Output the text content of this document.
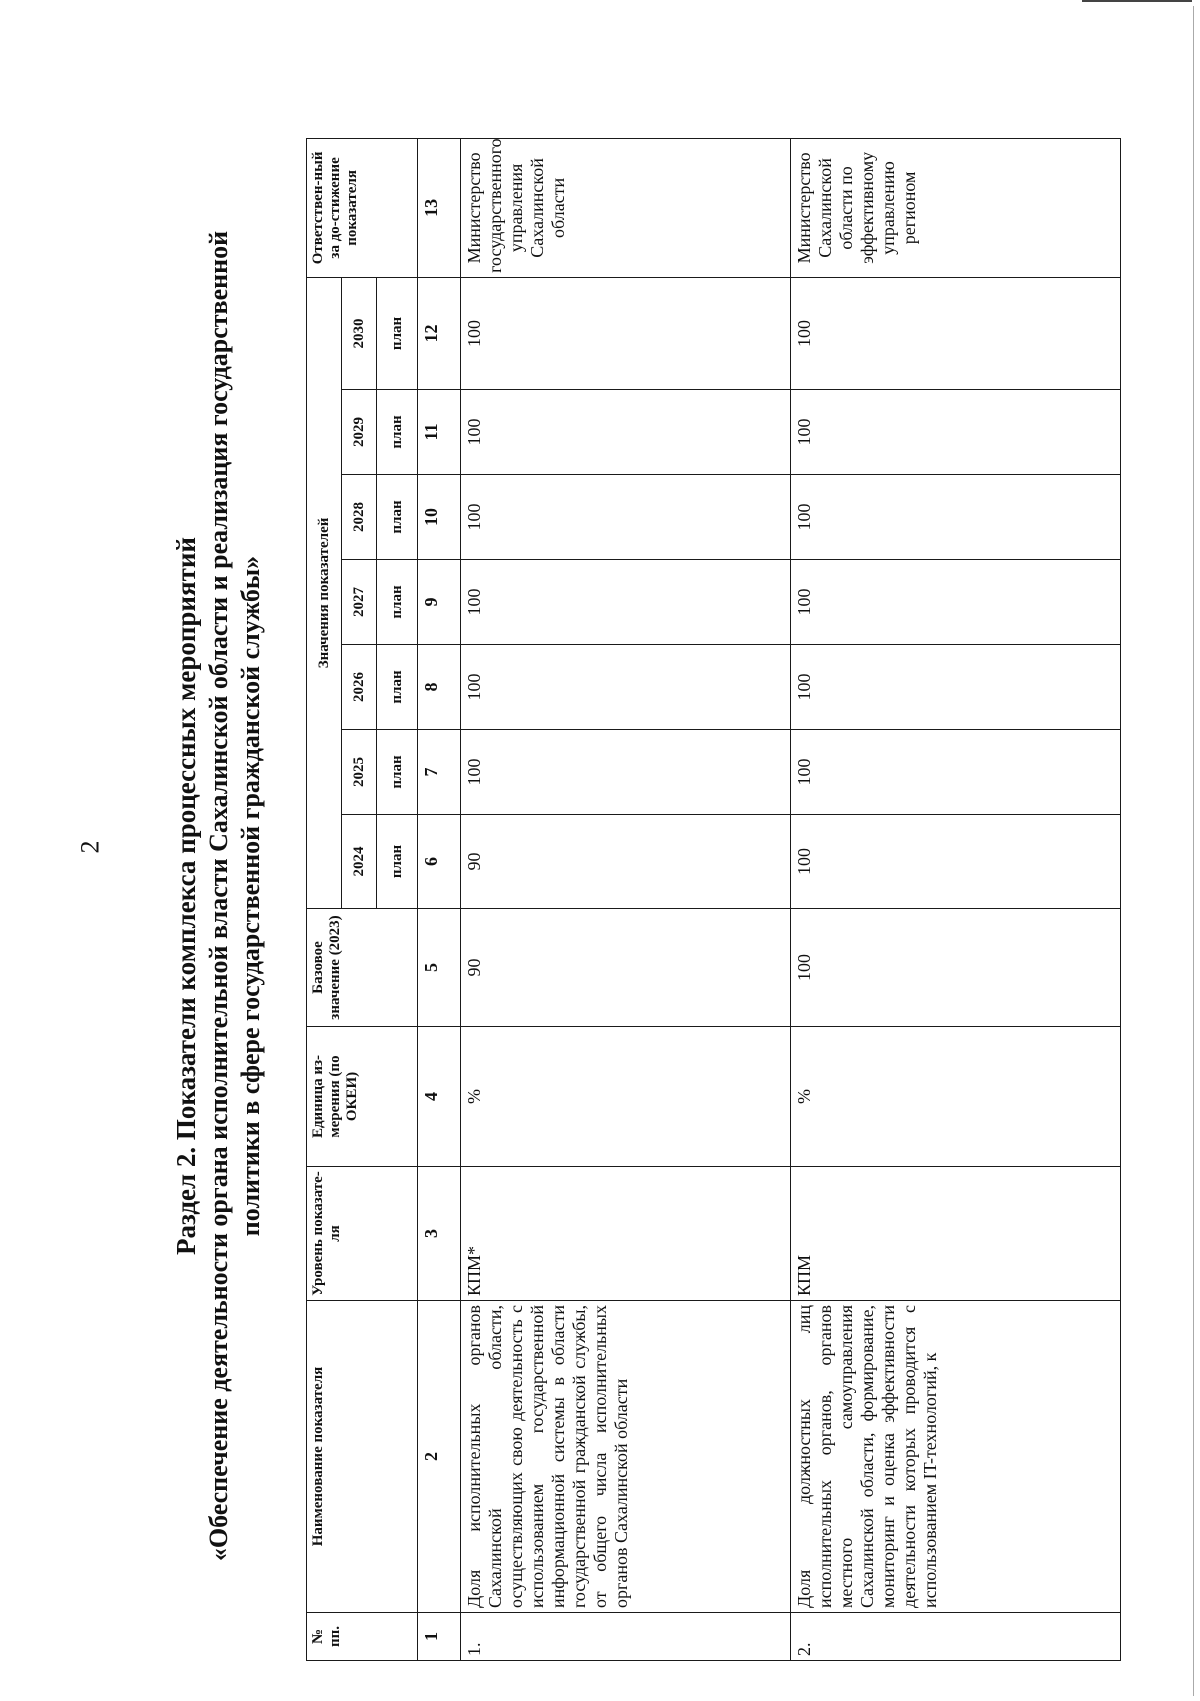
2 Раздел 2. Показатели комплекса процессных мероприятий «Обеспечение деятельности органа исполнительной власти Сахалинской области и реализация государственной политики в сфере государственной гражданской службы»
№ пп.	Наименование показателя	Уровень показате-ля	Единица из-мерения (по ОКЕИ)	Базовое значение (2023)	Значения показателей							Ответствен-ный за до-стижение показателя
					2024	2025	2026	2027	2028	2029	2030	
					план	план	план	план	план	план	план	
1	2	3	4	5	6	7	8	9	10	11	12	13
1.	Доля исполнительных органов Сахалинской области, осуществляющих свою деятельность с использованием государственной информационной системы в области государственной гражданской службы, от общего числа исполнительных органов Сахалинской области	КПМ*	%	90	90	100	100	100	100	100	100	Министерство государственного управления Сахалинской области
2.	Доля должностных лиц исполнительных органов, органов местного самоуправления Сахалинской области, формирование, мониторинг и оценка эффективности деятельности которых проводится с использованием IT-технологий, к	КПМ	%	100	100	100	100	100	100	100	100	Министерство Сахалинской области по эффективному управлению регионом
